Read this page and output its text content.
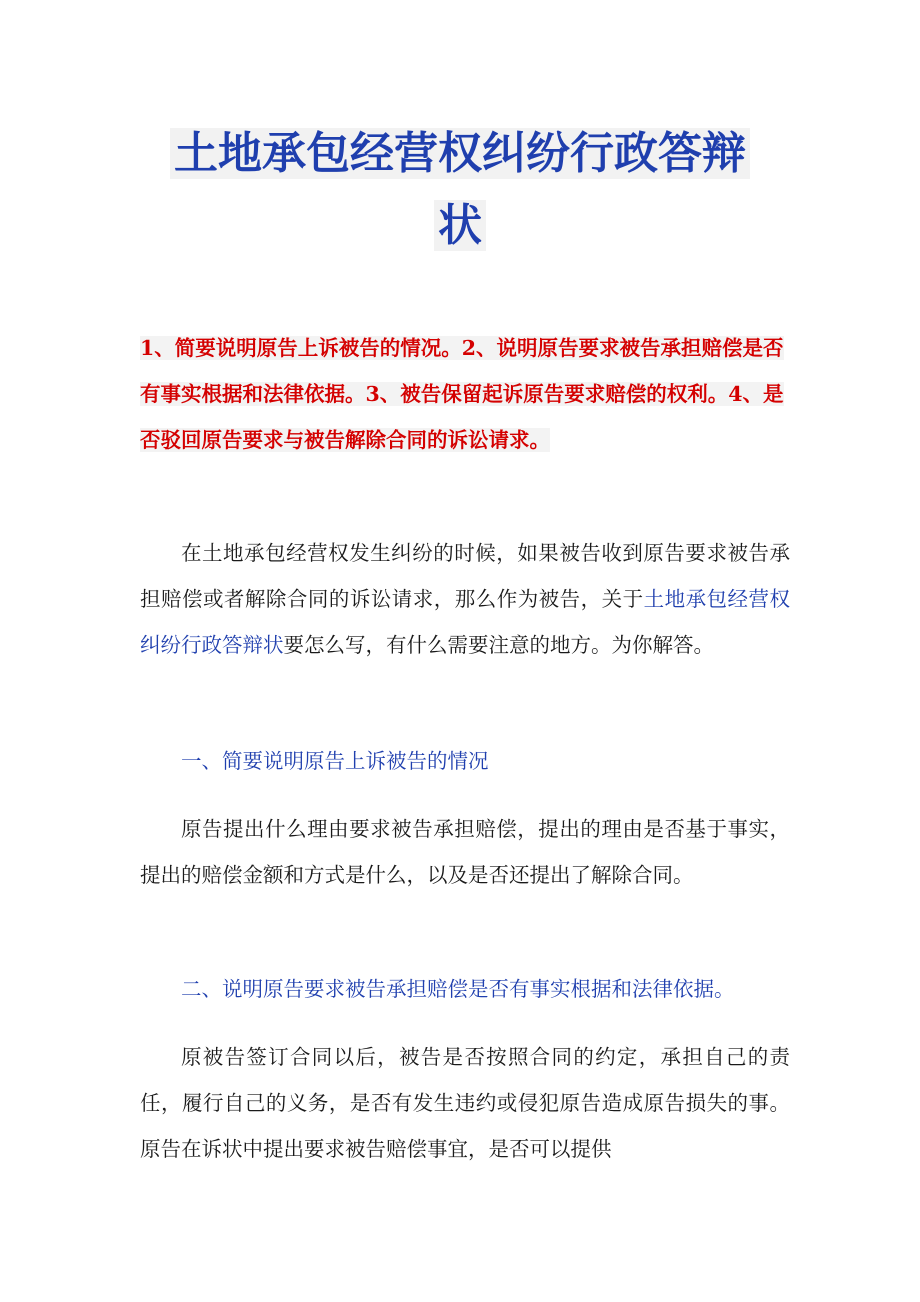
土地承包经营权纠纷行政答辩
状

1、简要说明原告上诉被告的情况。2、说明原告要求被告承担赔偿是否有事实根据和法律依据。3、被告保留起诉原告要求赔偿的权利。4、是否驳回原告要求与被告解除合同的诉讼请求。

在土地承包经营权发生纠纷的时候，如果被告收到原告要求被告承担赔偿或者解除合同的诉讼请求，那么作为被告，关于土地承包经营权纠纷行政答辩状要怎么写，有什么需要注意的地方。为你解答。

一、简要说明原告上诉被告的情况

原告提出什么理由要求被告承担赔偿，提出的理由是否基于事实，提出的赔偿金额和方式是什么，以及是否还提出了解除合同。

二、说明原告要求被告承担赔偿是否有事实根据和法律依据。

原被告签订合同以后，被告是否按照合同的约定，承担自己的责任，履行自己的义务，是否有发生违约或侵犯原告造成原告损失的事。原告在诉状中提出要求被告赔偿事宜，是否可以提供
